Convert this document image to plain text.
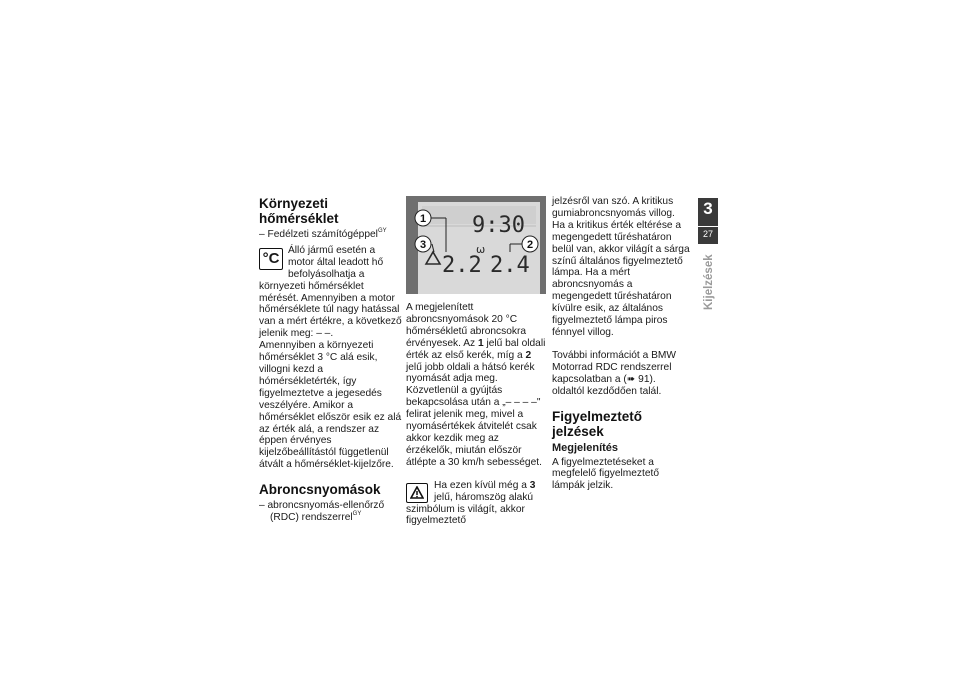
Környezeti hőmérséklet

– Fedélzeti számítógéppel$^{GY}$

°C Álló jármű esetén a motor által leadott hő befolyásolhatja a környezeti hőmérséklet mérését. Amennyiben a motor hőmérséklete túl nagy hatással van a mért értékre, a következő jelenik meg: – –.

Amennyiben a környezeti hőmérséklet 3 °C alá esik, villogni kezd a hómérsékletérték, így figyelmeztetve a jegesedés veszélyére. Amikor a hőmérséklet először esik ez alá az érték alá, a rendszer az éppen érvényes kijelzőbeállítástól függetlenül átvált a hőmérséklet-kijelzőre.

Abroncsnyomások

– abroncsnyomás-ellenőrző (RDC) rendszerrel$^{GY}$

9:30
ω
2.2 2.4
1
3	2

A megjelenített abroncsnyomások 20 °C hőmérsékletű abroncsokra érvényesek. Az 1 jelű bal oldali érték az első kerék, míg a 2 jelű jobb oldali a hátsó kerék nyomását adja meg. Közvetlenül a gyújtás bekapcsolása után a „– – – –" felirat jelenik meg, mivel a nyomásértékek átvitelét csak akkor kezdik meg az érzékelők, miután először átlépte a 30 km/h sebességet.

Ha ezen kívül még a 3 jelű, háromszög alakú szimbólum is világít, akkor figyelmeztető

jelzésről van szó. A kritikus gumiabroncsnyomás villog.

Ha a kritikus érték eltérése a megengedett tűréshatáron belül van, akkor világít a sárga színű általános figyelmeztető lámpa. Ha a mért abroncsnyomás a megengedett tűréshatáron kívülre esik, az általános figyelmeztető lámpa piros fénnyel villog.

További információt a BMW Motorrad RDC rendszerrel kapcsolatban a (➠ 91). oldaltól kezdődően talál.

Figyelmeztető jelzések
Megjelenítés

A figyelmeztetéseket a megfelelő figyelmeztető lámpák jelzik.

3
27
Kijelzések
